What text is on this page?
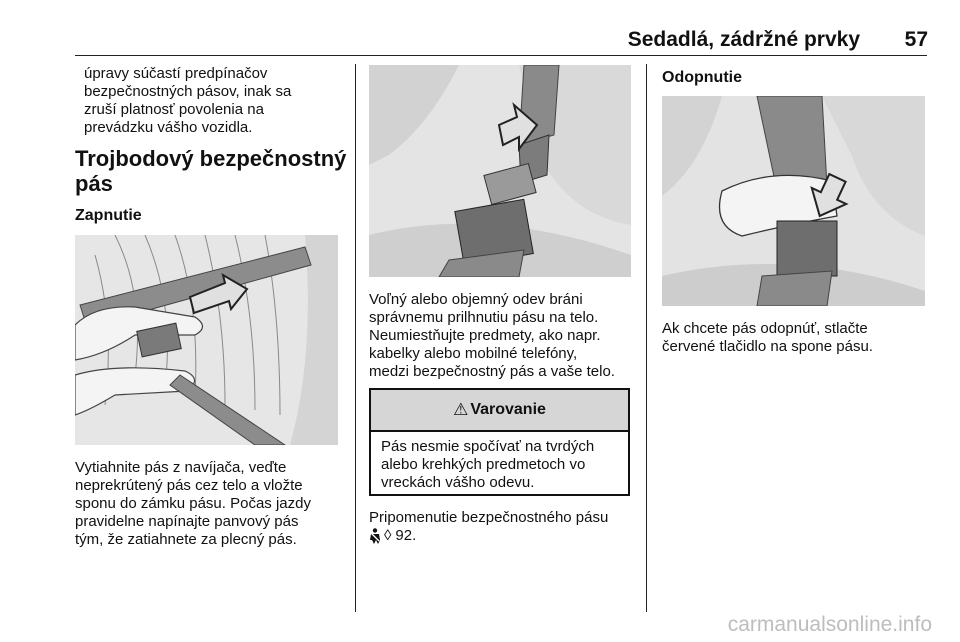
Sedadlá, zádržné prvky	57

úpravy súčastí predpínačov

bezpečnostných pásov, inak sa

zruší platnosť povolenia na

prevádzku vášho vozidla.

Trojbodový bezpečnostný

pás

Zapnutie

Vytiahnite pás z navíjača, veďte

neprekrútený pás cez telo a vložte

sponu do zámku pásu. Počas jazdy

pravidelne napínajte panvový pás

tým, že zatiahnete za plecný pás.

Voľný alebo objemný odev bráni

správnemu prilhnutiu pásu na telo.

Neumiestňujte predmety, ako napr.

kabelky alebo mobilné telefóny,

medzi bezpečnostný pás a vaše telo.

⚠ Varovanie

Pás nesmie spočívať na tvrdých

alebo krehkých predmetoch vo

vreckách vášho odevu.

Pripomenutie bezpečnostného pásu

◊ 92.

Odopnutie

Ak chcete pás odopnúť, stlačte

červené tlačidlo na spone pásu.

carmanualsonline.info
